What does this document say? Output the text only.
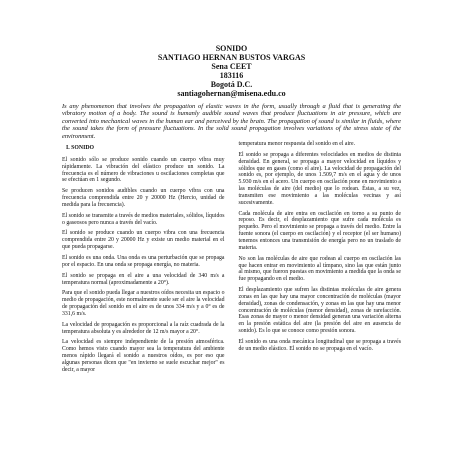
SONIDO
SANTIAGO HERNAN BUSTOS VARGAS
Sena CEET
183116
Bogotá D.C.
santiagohernan@misena.edu.co
Is any phenomenon that involves the propagation of elastic waves in the form, usually through a fluid that is generating the vibratory motion of a body. The sound is humanly audible sound waves that produce fluctuations in air pressure, which are converted into mechanical waves in the human ear and perceived by the brain. The propagation of sound is similar in fluids, where the sound takes the form of pressure fluctuations. In the solid sound propagation involves variations of the stress state of the environment.
I. SONIDO

El sonido sólo se produce sonido cuando un cuerpo vibra muy rápidamente. La vibración del elástico produce un sonido. La frecuencia es el número de vibraciones u oscilaciones completas que se efectúan en 1 segundo.

Se producen sonidos audibles cuando un cuerpo vibra con una frecuencia comprendida entre 20 y 20000 Hz (Hercio, unidad de medida para la frecuencia).

El sonido se transmite a través de medios materiales, sólidos, líquidos o gaseosos pero nunca a través del vacío.

El sonido se produce cuando un cuerpo vibra con una frecuencia comprendida entre 20 y 20000 Hz y existe un medio material en el que pueda propagarse.

El sonido es una onda. Una onda es una perturbación que se propaga por el espacio. En una onda se propaga energía, no materia.

El sonido se propaga en el aire a una velocidad de 340 m/s a temperatura normal (aproximadamente a 20°).

Para que el sonido pueda llegar a nuestros oídos necesita un espacio o medio de propagación, este normalmente suele ser el aire la velocidad de propagación del sonido en el aire es de unos 334 m/s y a 0° es de 331,6 m/s.

La velocidad de propagación es proporcional a la raíz cuadrada de la temperatura absoluta y es alrededor de 12 m/s mayor a 20°.

La velocidad es siempre independiente de la presión atmosférica. Como hemos visto cuando mayor sea la temperatura del ambiente menos rápido llegará el sonido a nuestros oídos, es por eso que algunas personas dicen que "en invierno se suele escuchar mejor" es decir, a mayor

temperatura menor respuesta del sonido en el aire.

El sonido se propaga a diferentes velocidades en medios de distinta densidad. En general, se propaga a mayor velocidad en líquidos y sólidos que en gases (como el aire). La velocidad de propagación del sonido es, por ejemplo, de unos 1.509,7 m/s en el agua y de unos 5.930 m/s en el acero. Un cuerpo en oscilación pone en movimiento a las moléculas de aire (del medio) que lo rodean. Éstas, a su vez, transmiten ese movimiento a las moléculas vecinas y así sucesivamente.

Cada molécula de aire entra en oscilación en torno a su punto de reposo. Es decir, el desplazamiento que sufre cada molécula es pequeño. Pero el movimiento se propaga a través del medio. Entre la fuente sonora (el cuerpo en oscilación) y el receptor (el ser humano) tenemos entonces una transmisión de energía pero no un traslado de materia.

No son las moléculas de aire que rodean al cuerpo en oscilación las que hacen entrar en movimiento al tímpano, sino las que están junto al mismo, que fueron puestas en movimiento a medida que la onda se fue propagando en el medio.

El desplazamiento que sufren las distintas moléculas de aire genera zonas en las que hay una mayor concentración de moléculas (mayor densidad), zonas de condensación, y zonas en las que hay una menor concentración de moléculas (menor densidad), zonas de rarefacción. Esas zonas de mayor o menor densidad generan una variación alterna en la presión estática del aire (la presión del aire en ausencia de sonido). Es lo que se conoce como presión sonora.

El sonido es una onda mecánica longitudinal que se propaga a través de un medio elástico. El sonido no se propaga en el vacío.
